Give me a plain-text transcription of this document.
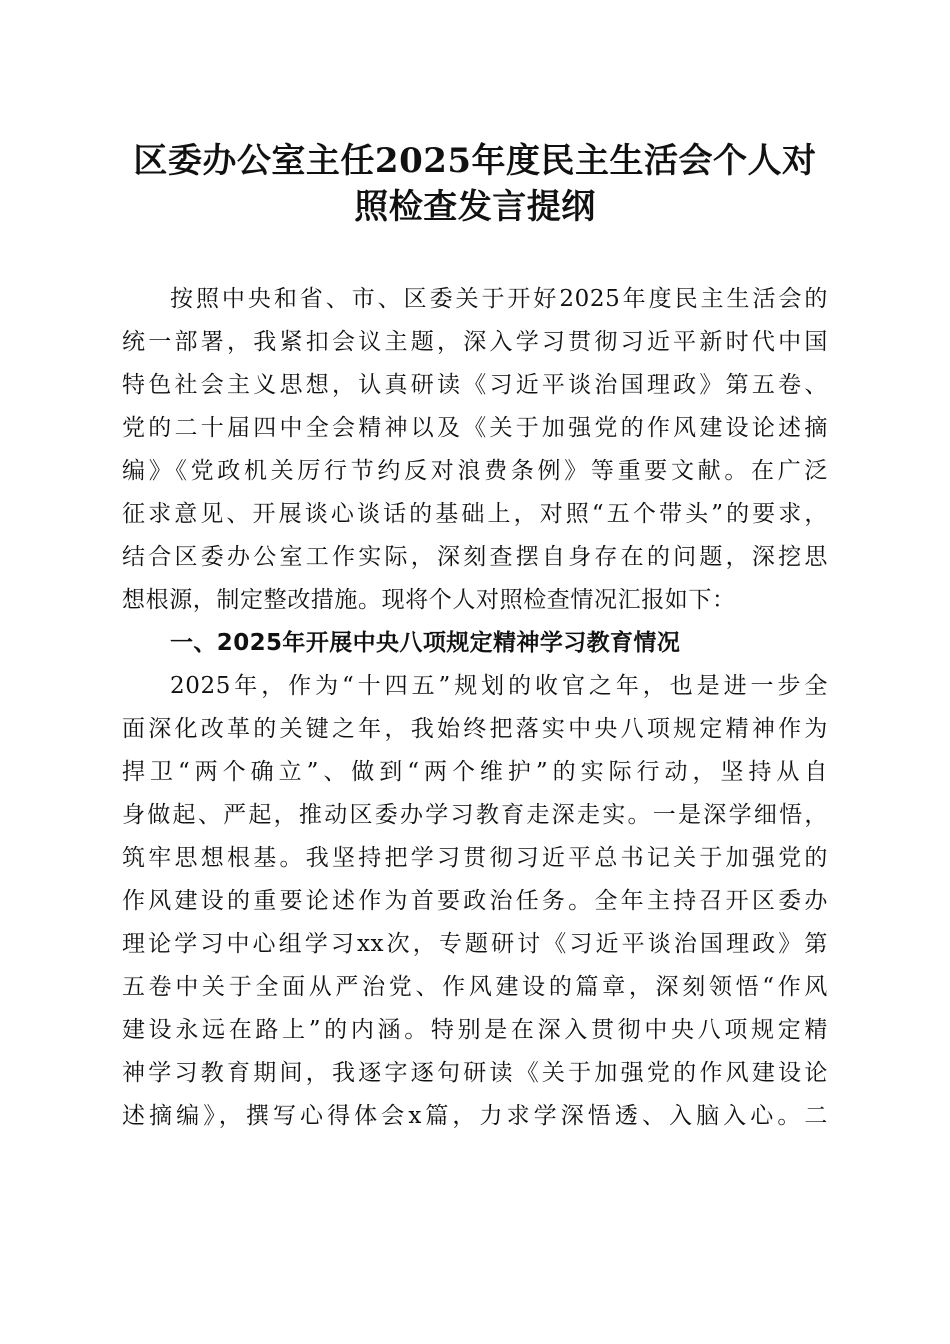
区委办公室主任2025年度民主生活会个人对
照检查发言提纲
按照中央和省、市、区委关于开好2025年度民主生活会的
统一部署，我紧扣会议主题，深入学习贯彻习近平新时代中国
特色社会主义思想，认真研读《习近平谈治国理政》第五卷、
党的二十届四中全会精神以及《关于加强党的作风建设论述摘
编》《党政机关厉行节约反对浪费条例》等重要文献。在广泛
征求意见、开展谈心谈话的基础上，对照“五个带头”的要求，
结合区委办公室工作实际，深刻查摆自身存在的问题，深挖思
想根源，制定整改措施。现将个人对照检查情况汇报如下：
一、2025年开展中央八项规定精神学习教育情况
2025年，作为“十四五”规划的收官之年，也是进一步全
面深化改革的关键之年，我始终把落实中央八项规定精神作为
捍卫“两个确立”、做到“两个维护”的实际行动，坚持从自
身做起、严起，推动区委办学习教育走深走实。一是深学细悟，
筑牢思想根基。我坚持把学习贯彻习近平总书记关于加强党的
作风建设的重要论述作为首要政治任务。全年主持召开区委办
理论学习中心组学习xx次，专题研讨《习近平谈治国理政》第
五卷中关于全面从严治党、作风建设的篇章，深刻领悟“作风
建设永远在路上”的内涵。特别是在深入贯彻中央八项规定精
神学习教育期间，我逐字逐句研读《关于加强党的作风建设论
述摘编》，撰写心得体会x篇，力求学深悟透、入脑入心。二
